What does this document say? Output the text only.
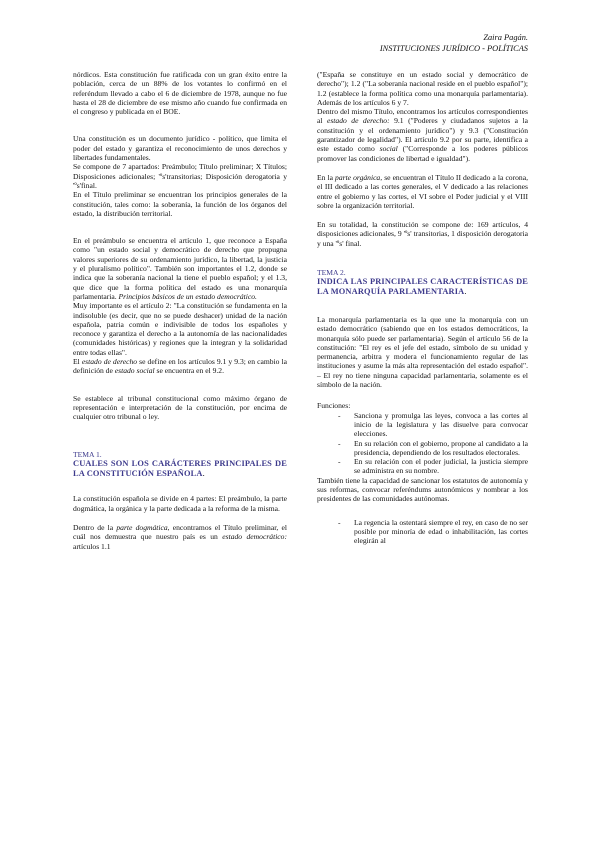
Zaira Pagán.
INSTITUCIONES JURÍDICO - POLÍTICAS

nórdicos. Esta constitución fue ratificada con un gran éxito entre la población, cerca de un 88% de los votantes lo confirmó en el referéndum llevado a cabo el 6 de diciembre de 1978, aunque no fue hasta el 28 de diciembre de ese mismo año cuando fue confirmada en el congreso y publicada en el BOE.

Una constitución es un documento jurídico - político, que limita el poder del estado y garantiza el reconocimiento de unos derechos y libertades fundamentales.

Se compone de 7 apartados: Preámbulo; Título preliminar; X Títulos; Disposiciones adicionales; 'ºs'transitorias; Disposición derogatoria y 'ºs'final.

En el Título preliminar se encuentran los principios generales de la constitución, tales como: la soberanía, la función de los órganos del estado, la distribución territorial.

En el preámbulo se encuentra el artículo 1, que reconoce a España como "un estado social y democrático de derecho que propugna valores superiores de su ordenamiento jurídico, la libertad, la justicia y el pluralismo político". También son importantes el 1.2, donde se indica que la soberanía nacional la tiene el pueblo español; y el 1.3, que dice que la forma política del estado es una monarquía parlamentaria. Principios básicos de un estado democrático.

Muy importante es el artículo 2: "La constitución se fundamenta en la indisoluble (es decir, que no se puede deshacer) unidad de la nación española, patria común e indivisible de todos los españoles y reconoce y garantiza el derecho a la autonomía de las nacionalidades (comunidades históricas) y regiones que la integran y la solidaridad entre todas ellas".

El estado de derecho se define en los artículos 9.1 y 9.3; en cambio la definición de estado social se encuentra en el 9.2.

Se establece al tribunal constitucional como máximo órgano de representación e interpretación de la constitución, por encima de cualquier otro tribunal o ley.

TEMA 1.
CUALES SON LOS CARÁCTERES PRINCIPALES DE LA CONSTITUCIÓN ESPAÑOLA.

La constitución española se divide en 4 partes: El preámbulo, la parte dogmática, la orgánica y la parte dedicada a la reforma de la misma.

Dentro de la parte dogmática, encontramos el Título preliminar, el cuál nos demuestra que nuestro país es un estado democrático: artículos 1.1

("España se constituye en un estado social y democrático de derecho"); 1.2 ("La soberanía nacional reside en el pueblo español"); 1.2 (establece la forma política como una monarquía parlamentaria). Además de los artículos 6 y 7.

Dentro del mismo Título, encontramos los artículos correspondientes al estado de derecho: 9.1 ("Poderes y ciudadanos sujetos a la constitución y el ordenamiento jurídico") y 9.3 ("Constitución garantizador de legalidad"). El artículo 9.2 por su parte, identifica a este estado como social ("Corresponde a los poderes públicos promover las condiciones de libertad e igualdad").

En la parte orgánica, se encuentran el Título II dedicado a la corona, el III dedicado a las cortes generales, el V dedicado a las relaciones entre el gobierno y las cortes, el VI sobre el Poder judicial y el VIII sobre la organización territorial.

En su totalidad, la constitución se compone de: 169 artículos, 4 disposiciones adicionales, 9 'ºs' transitorias, 1 disposición derogatoria y una 'ºs' final.

TEMA 2.
INDICA LAS PRINCIPALES CARACTERÍSTICAS DE LA MONARQUÍA PARLAMENTARIA.

La monarquía parlamentaria es la que une la monarquía con un estado democrático (sabiendo que en los estados democráticos, la monarquía sólo puede ser parlamentaria). Según el artículo 56 de la constitución: "El rey es el jefe del estado, símbolo de su unidad y permanencia, arbitra y modera el funcionamiento regular de las instituciones y asume la más alta representación del estado español". – El rey no tiene ninguna capacidad parlamentaria, solamente es el símbolo de la nación.

Funciones:

- Sanciona y promulga las leyes, convoca a las cortes al inicio de la legislatura y las disuelve para convocar elecciones.
- En su relación con el gobierno, propone al candidato a la presidencia, dependiendo de los resultados electorales.
- En su relación con el poder judicial, la justicia siempre se administra en su nombre.

También tiene la capacidad de sancionar los estatutos de autonomía y sus reformas, convocar referéndums autonómicos y nombrar a los presidentes de las comunidades autónomas.

- La regencia la ostentará siempre el rey, en caso de no ser posible por minoría de edad o inhabilitación, las cortes elegirán al
